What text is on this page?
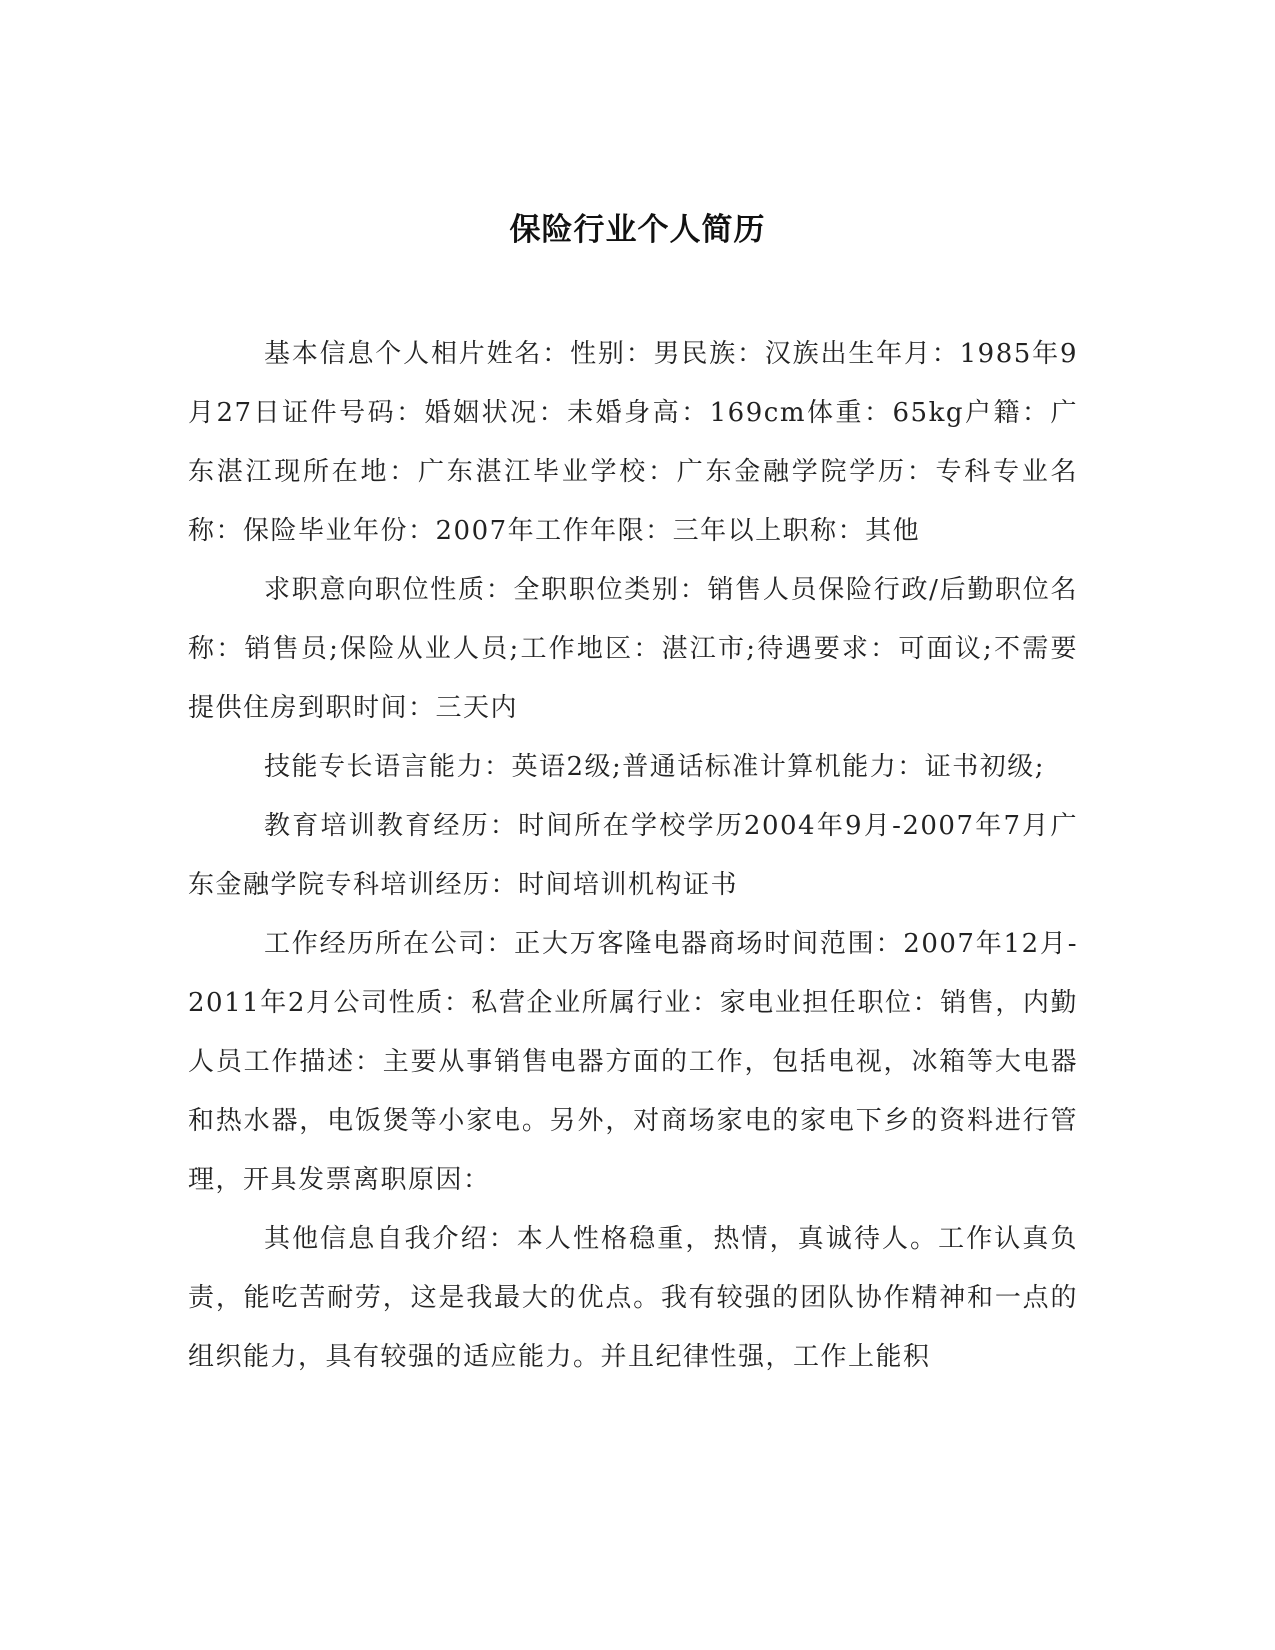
保险行业个人简历

基本信息个人相片姓名：性别：男民族：汉族出生年月：1985年9月27日证件号码：婚姻状况：未婚身高：169cm体重：65kg户籍：广东湛江现所在地：广东湛江毕业学校：广东金融学院学历：专科专业名称：保险毕业年份：2007年工作年限：三年以上职称：其他

求职意向职位性质：全职职位类别：销售人员保险行政/后勤职位名称：销售员;保险从业人员;工作地区：湛江市;待遇要求：可面议;不需要提供住房到职时间：三天内

技能专长语言能力：英语2级;普通话标准计算机能力：证书初级;

教育培训教育经历：时间所在学校学历2004年9月-2007年7月广东金融学院专科培训经历：时间培训机构证书

工作经历所在公司：正大万客隆电器商场时间范围：2007年12月-2011年2月公司性质：私营企业所属行业：家电业担任职位：销售，内勤人员工作描述：主要从事销售电器方面的工作，包括电视，冰箱等大电器和热水器，电饭煲等小家电。另外，对商场家电的家电下乡的资料进行管理，开具发票离职原因：

其他信息自我介绍：本人性格稳重，热情，真诚待人。工作认真负责，能吃苦耐劳，这是我最大的优点。我有较强的团队协作精神和一点的组织能力，具有较强的适应能力。并且纪律性强，工作上能积
